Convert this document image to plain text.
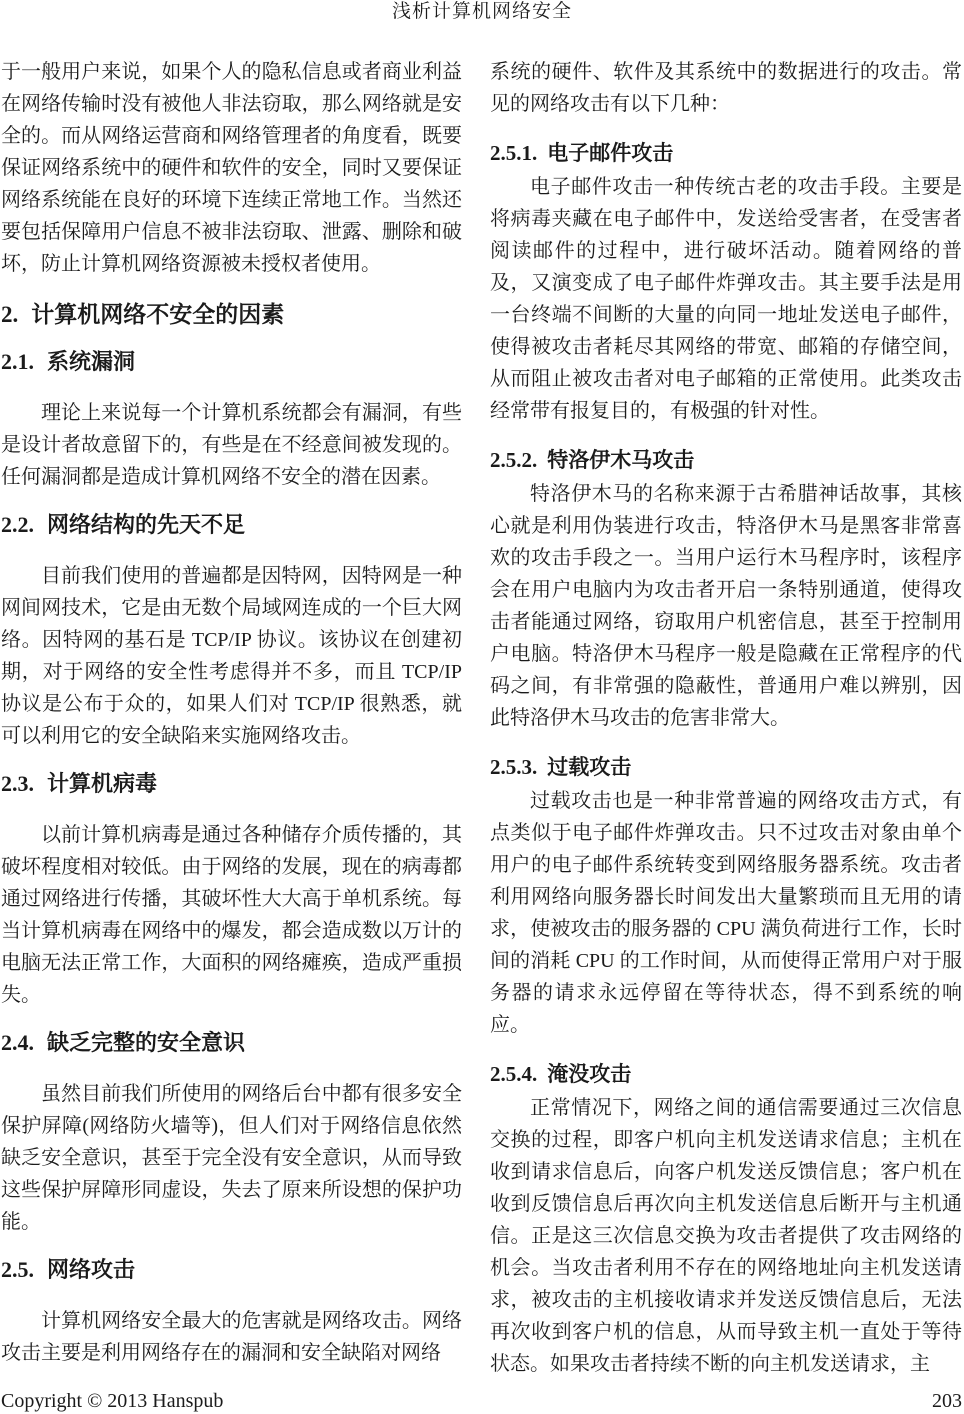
浅析计算机网络安全

于一般用户来说，如果个人的隐私信息或者商业利益在网络传输时没有被他人非法窃取，那么网络就是安全的。而从网络运营商和网络管理者的角度看，既要保证网络系统中的硬件和软件的安全，同时又要保证网络系统能在良好的环境下连续正常地工作。当然还要包括保障用户信息不被非法窃取、泄露、删除和破坏，防止计算机网络资源被未授权者使用。

2. 计算机网络不安全的因素
2.1. 系统漏洞

理论上来说每一个计算机系统都会有漏洞，有些是设计者故意留下的，有些是在不经意间被发现的。任何漏洞都是造成计算机网络不安全的潜在因素。

2.2. 网络结构的先天不足

目前我们使用的普遍都是因特网，因特网是一种网间网技术，它是由无数个局域网连成的一个巨大网络。因特网的基石是 TCP/IP 协议。该协议在创建初期，对于网络的安全性考虑得并不多，而且 TCP/IP 协议是公布于众的，如果人们对 TCP/IP 很熟悉，就可以利用它的安全缺陷来实施网络攻击。

2.3. 计算机病毒

以前计算机病毒是通过各种储存介质传播的，其破坏程度相对较低。由于网络的发展，现在的病毒都通过网络进行传播，其破坏性大大高于单机系统。每当计算机病毒在网络中的爆发，都会造成数以万计的电脑无法正常工作，大面积的网络瘫痪，造成严重损失。

2.4. 缺乏完整的安全意识

虽然目前我们所使用的网络后台中都有很多安全保护屏障(网络防火墙等)，但人们对于网络信息依然缺乏安全意识，甚至于完全没有安全意识，从而导致这些保护屏障形同虚设，失去了原来所设想的保护功能。

2.5. 网络攻击

计算机网络安全最大的危害就是网络攻击。网络攻击主要是利用网络存在的漏洞和安全缺陷对网络

系统的硬件、软件及其系统中的数据进行的攻击。常见的网络攻击有以下几种：

2.5.1. 电子邮件攻击

电子邮件攻击一种传统古老的攻击手段。主要是将病毒夹藏在电子邮件中，发送给受害者，在受害者阅读邮件的过程中，进行破坏活动。随着网络的普及，又演变成了电子邮件炸弹攻击。其主要手法是用一台终端不间断的大量的向同一地址发送电子邮件，使得被攻击者耗尽其网络的带宽、邮箱的存储空间，从而阻止被攻击者对电子邮箱的正常使用。此类攻击经常带有报复目的，有极强的针对性。

2.5.2. 特洛伊木马攻击

特洛伊木马的名称来源于古希腊神话故事，其核心就是利用伪装进行攻击，特洛伊木马是黑客非常喜欢的攻击手段之一。当用户运行木马程序时，该程序会在用户电脑内为攻击者开启一条特别通道，使得攻击者能通过网络，窃取用户机密信息，甚至于控制用户电脑。特洛伊木马程序一般是隐藏在正常程序的代码之间，有非常强的隐蔽性，普通用户难以辨别，因此特洛伊木马攻击的危害非常大。

2.5.3. 过载攻击

过载攻击也是一种非常普遍的网络攻击方式，有点类似于电子邮件炸弹攻击。只不过攻击对象由单个用户的电子邮件系统转变到网络服务器系统。攻击者利用网络向服务器长时间发出大量繁琐而且无用的请求，使被攻击的服务器的 CPU 满负荷进行工作，长时间的消耗 CPU 的工作时间，从而使得正常用户对于服务器的请求永远停留在等待状态，得不到系统的响应。

2.5.4. 淹没攻击

正常情况下，网络之间的通信需要通过三次信息交换的过程，即客户机向主机发送请求信息；主机在收到请求信息后，向客户机发送反馈信息；客户机在收到反馈信息后再次向主机发送信息后断开与主机通信。正是这三次信息交换为攻击者提供了攻击网络的机会。当攻击者利用不存在的网络地址向主机发送请求，被攻击的主机接收请求并发送反馈信息后，无法再次收到客户机的信息，从而导致主机一直处于等待状态。如果攻击者持续不断的向主机发送请求，主

Copyright © 2013 Hanspub	203
